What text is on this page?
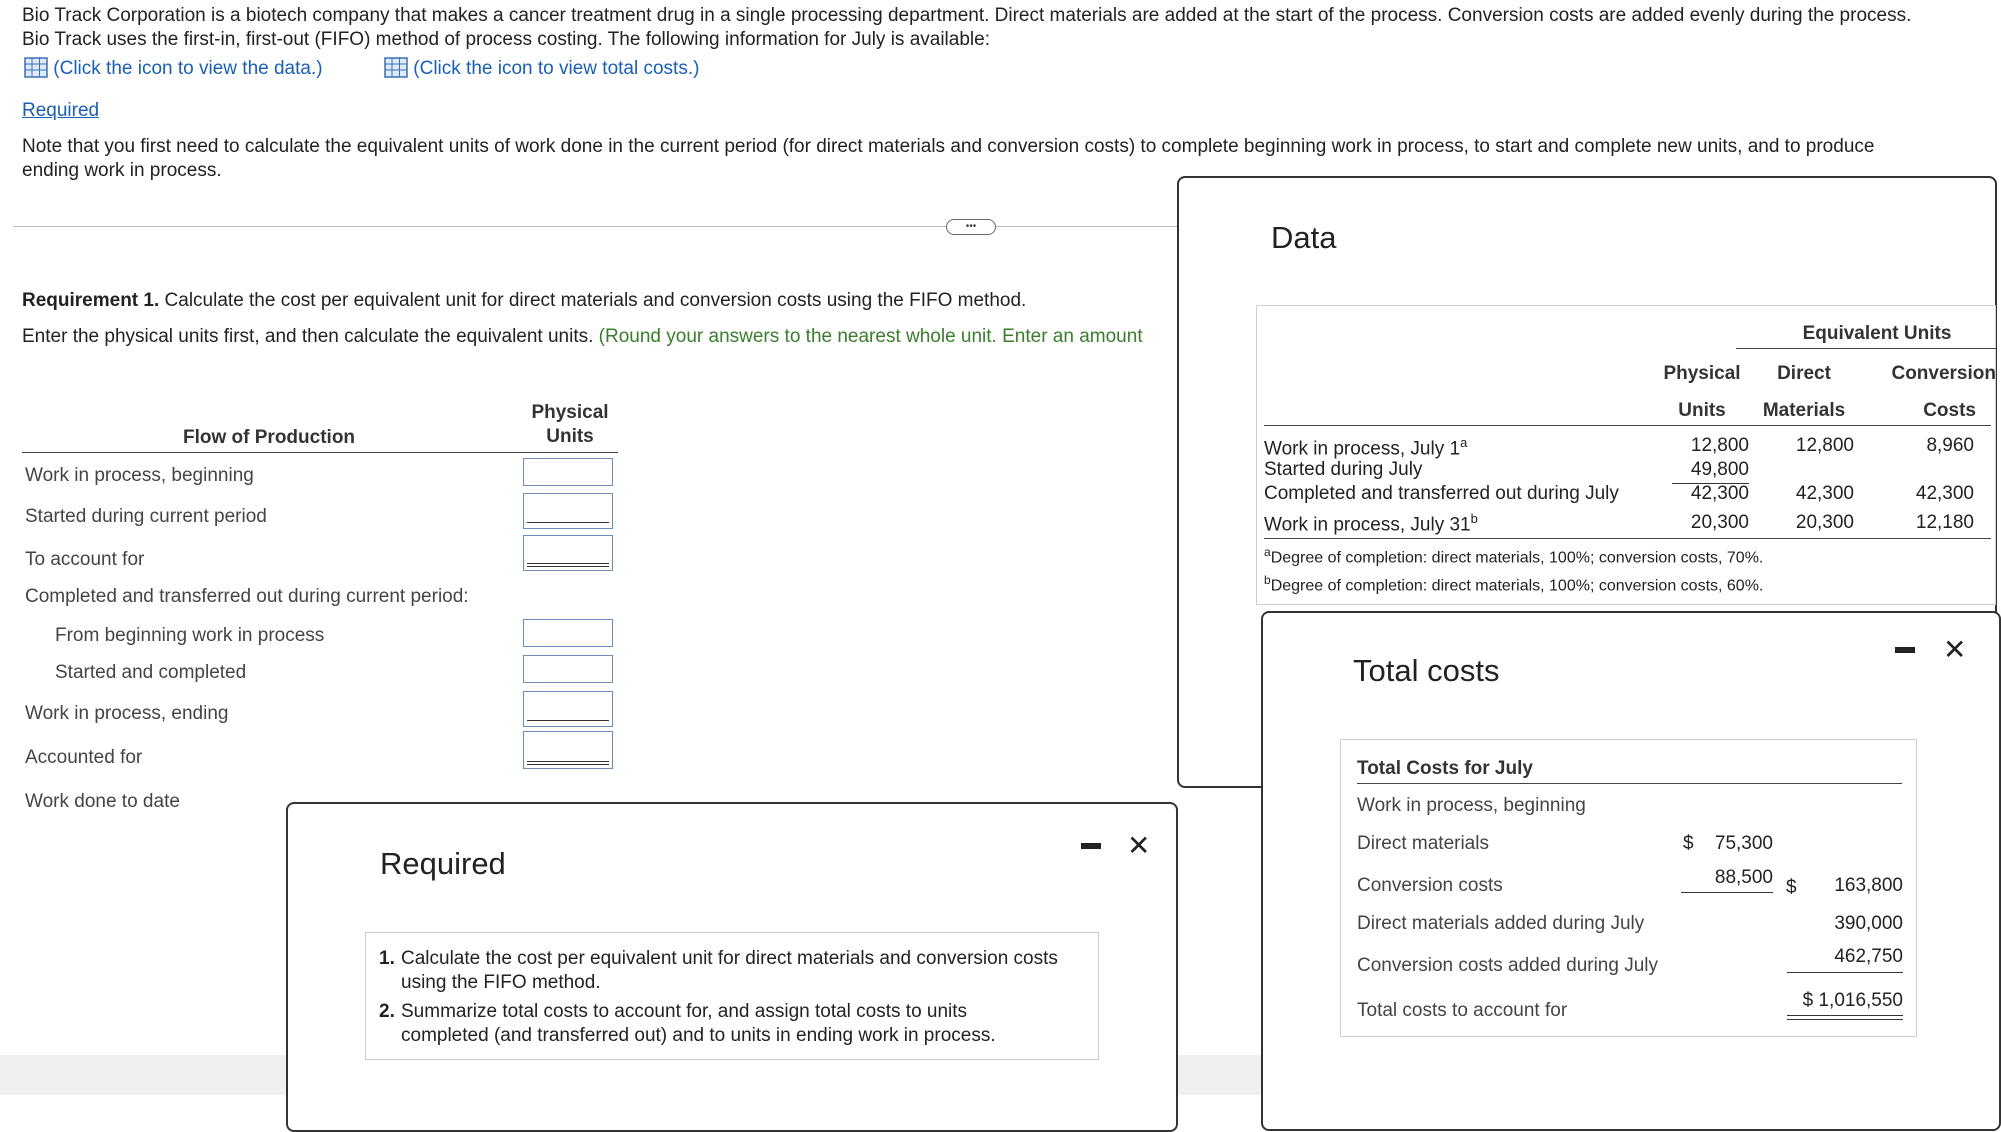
Bio Track Corporation is a biotech company that makes a cancer treatment drug in a single processing department. Direct materials are added at the start of the process. Conversion costs are added evenly during the process.
Bio Track uses the first-in, first-out (FIFO) method of process costing. The following information for July is available:
(Click the icon to view the data.)	(Click the icon to view total costs.)
Required
Note that you first need to calculate the equivalent units of work done in the current period (for direct materials and conversion costs) to complete beginning work in process, to start and complete new units, and to produce
ending work in process.
•••
Requirement 1. Calculate the cost per equivalent unit for direct materials and conversion costs using the FIFO method.
Enter the physical units first, and then calculate the equivalent units. (Round your answers to the nearest whole unit. Enter an amount
Flow of Production
Physical
Units
Work in process, beginning
Started during current period
To account for
Completed and transferred out during current period:
From beginning work in process
Started and completed
Work in process, ending
Accounted for
Work done to date
Data
Equivalent Units
Physical
Units
Direct
Materials
Conversion
Costs
Work in process, July 1$^a$	12,800	12,800	8,960
Started during July	49,800
Completed and transferred out during July	42,300	42,300	42,300
Work in process, July 31$^b$	20,300	20,300	12,180
$^a$Degree of completion: direct materials, 100%; conversion costs, 70%.
$^b$Degree of completion: direct materials, 100%; conversion costs, 60%.
Total costs
✕
Total Costs for July
Work in process, beginning
Direct materials	$	75,300
Conversion costs	88,500 $	163,800
Direct materials added during July	390,000
Conversion costs added during July	462,750
Total costs to account for	$ 1,016,550
Required
✕
1. Calculate the cost per equivalent unit for direct materials and conversion costs
using the FIFO method.
2. Summarize total costs to account for, and assign total costs to units
completed (and transferred out) and to units in ending work in process.
